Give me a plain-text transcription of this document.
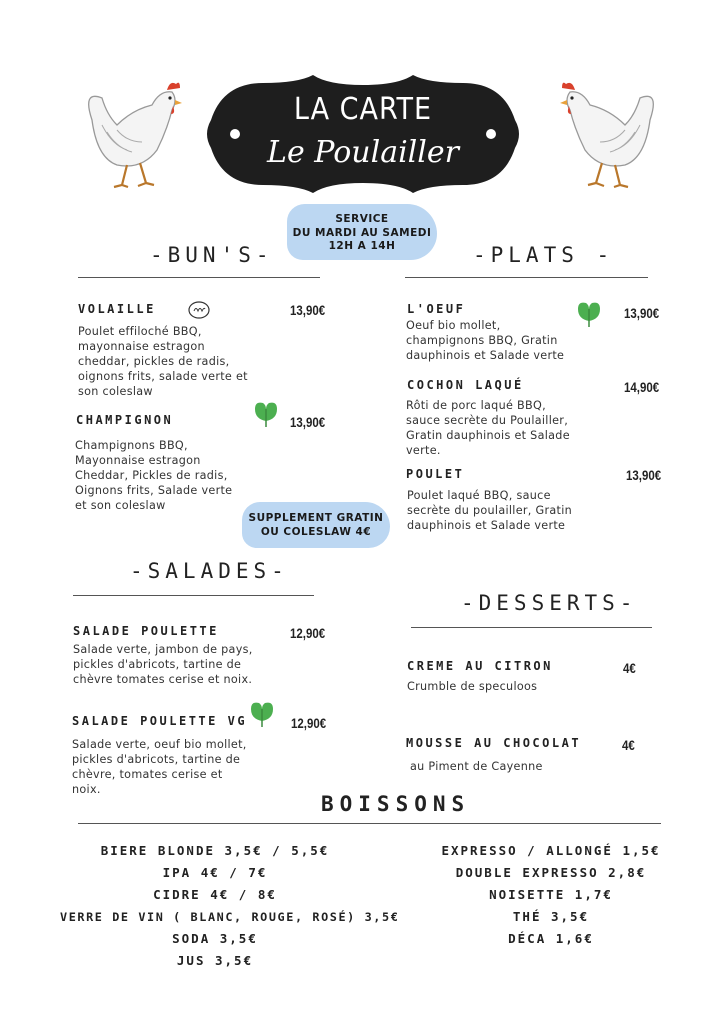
LA CARTE
Le Poulailler
SERVICE
DU MARDI AU SAMEDI
12H A 14H
-BUN'S-
VOLAILLE	13,90€
Poulet effiloché BBQ,
mayonnaise estragon
cheddar, pickles de radis,
oignons frits, salade verte et
son coleslaw
CHAMPIGNON	13,90€
Champignons BBQ,
Mayonnaise estragon
Cheddar, Pickles de radis,
Oignons frits, Salade verte
et son coleslaw
SUPPLEMENT GRATIN
OU COLESLAW 4€
-PLATS -
L'OEUF	13,90€
Oeuf bio mollet,
champignons BBQ, Gratin
dauphinois et Salade verte
COCHON LAQUÉ	14,90€
Rôti de porc laqué BBQ,
sauce secrète du Poulailler,
Gratin dauphinois et Salade
verte.
POULET	13,90€
Poulet laqué BBQ, sauce
secrète du poulailler, Gratin
dauphinois et Salade verte
-SALADES-
SALADE POULETTE	12,90€
Salade verte, jambon de pays,
pickles d'abricots, tartine de
chèvre tomates cerise et noix.
SALADE POULETTE VG	12,90€
Salade verte, oeuf bio mollet,
pickles d'abricots, tartine de
chèvre, tomates cerise et
noix.
-DESSERTS-
CREME AU CITRON	4€
Crumble de speculoos
MOUSSE AU CHOCOLAT	4€
au Piment de Cayenne
BOISSONS
BIERE BLONDE 3,5€ / 5,5€
IPA 4€ / 7€
CIDRE 4€ / 8€
VERRE DE VIN ( BLANC, ROUGE, ROSÉ) 3,5€
SODA 3,5€
JUS 3,5€
EXPRESSO / ALLONGÉ 1,5€
DOUBLE EXPRESSO 2,8€
NOISETTE 1,7€
THÉ 3,5€
DÉCA 1,6€
